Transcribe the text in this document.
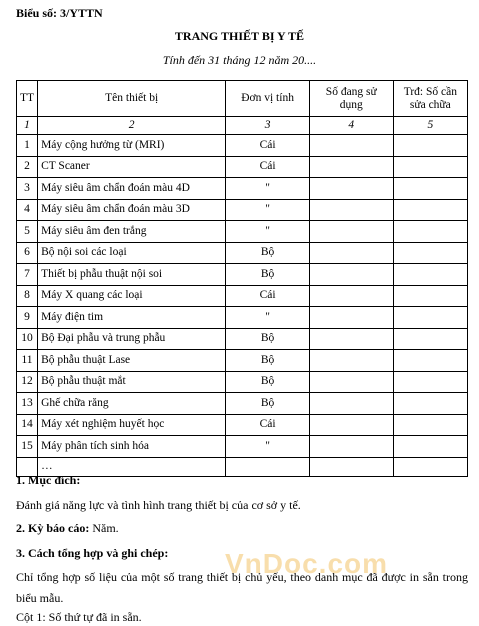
Biểu số: 3/YTTN
TRANG THIẾT BỊ Y TẾ
Tính đến 31 tháng 12 năm 20....
TT	Tên thiết bị	Đơn vị tính	Số đang sử dụng	Trđ: Số cần sửa chữa
1	2	3	4	5
1	Máy cộng hưởng từ (MRI)	Cái		
2	CT Scaner	Cái		
3	Máy siêu âm chẩn đoán màu 4D	"		
4	Máy siêu âm chẩn đoán màu 3D	"		
5	Máy siêu âm đen trắng	"		
6	Bộ nội soi các loại	Bộ		
7	Thiết bị phẫu thuật nội soi	Bộ		
8	Máy X quang các loại	Cái		
9	Máy điện tim	"		
10	Bộ Đại phẫu và trung phẫu	Bộ		
11	Bộ phẫu thuật Lase	Bộ		
12	Bộ phẫu thuật mắt	Bộ		
13	Ghế chữa răng	Bộ		
14	Máy xét nghiệm huyết học	Cái		
15	Máy phân tích sinh hóa	"		
	…			
1. Mục đích:
Đánh giá năng lực và tình hình trang thiết bị của cơ sở y tế.
2. Kỳ báo cáo: Năm.
3. Cách tổng hợp và ghi chép:
Chỉ tổng hợp số liệu của một số trang thiết bị chủ yếu, theo danh mục đã được in sẵn trong biểu mẫu.
Cột 1: Số thứ tự đã in sẵn.
VnDoc.com
